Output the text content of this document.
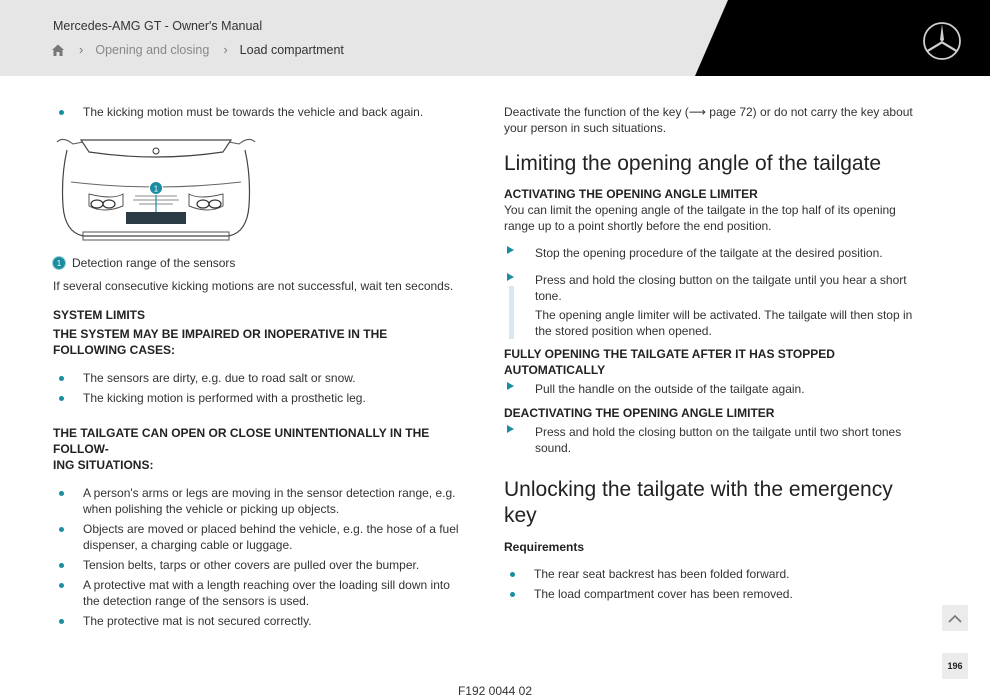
Mercedes-AMG GT - Owner's Manual
› Opening and closing › Load compartment
The kicking motion must be towards the vehicle and back again.
1
1 Detection range of the sensors

If several consecutive kicking motions are not successful, wait ten seconds.

SYSTEM LIMITS

THE SYSTEM MAY BE IMPAIRED OR INOPERATIVE IN THE FOLLOWING CASES:

The sensors are dirty, e.g. due to road salt or snow.
The kicking motion is performed with a prosthetic leg.

THE TAILGATE CAN OPEN OR CLOSE UNINTENTIONALLY IN THE FOLLOW-
ING SITUATIONS:

A person's arms or legs are moving in the sensor detection range, e.g. when polishing the vehicle or picking up objects.
Objects are moved or placed behind the vehicle, e.g. the hose of a fuel dispenser, a charging cable or luggage.
Tension belts, tarps or other covers are pulled over the bumper.
A protective mat with a length reaching over the loading sill down into the detection range of the sensors is used.
The protective mat is not secured correctly.

Deactivate the function of the key (⟶ page 72) or do not carry the key about your person in such situations.

Limiting the opening angle of the tailgate

ACTIVATING THE OPENING ANGLE LIMITER

You can limit the opening angle of the tailgate in the top half of its opening range up to a point shortly before the end position.

Stop the opening procedure of the tailgate at the desired position.
Press and hold the closing button on the tailgate until you hear a short tone.
The opening angle limiter will be activated. The tailgate will then stop in the stored position when opened.

FULLY OPENING THE TAILGATE AFTER IT HAS STOPPED AUTOMATICALLY

Pull the handle on the outside of the tailgate again.

DEACTIVATING THE OPENING ANGLE LIMITER

Press and hold the closing button on the tailgate until two short tones sound.
Unlocking the tailgate with the emergency key

Requirements

The rear seat backrest has been folded forward.
The load compartment cover has been removed.
196
F192 0044 02
